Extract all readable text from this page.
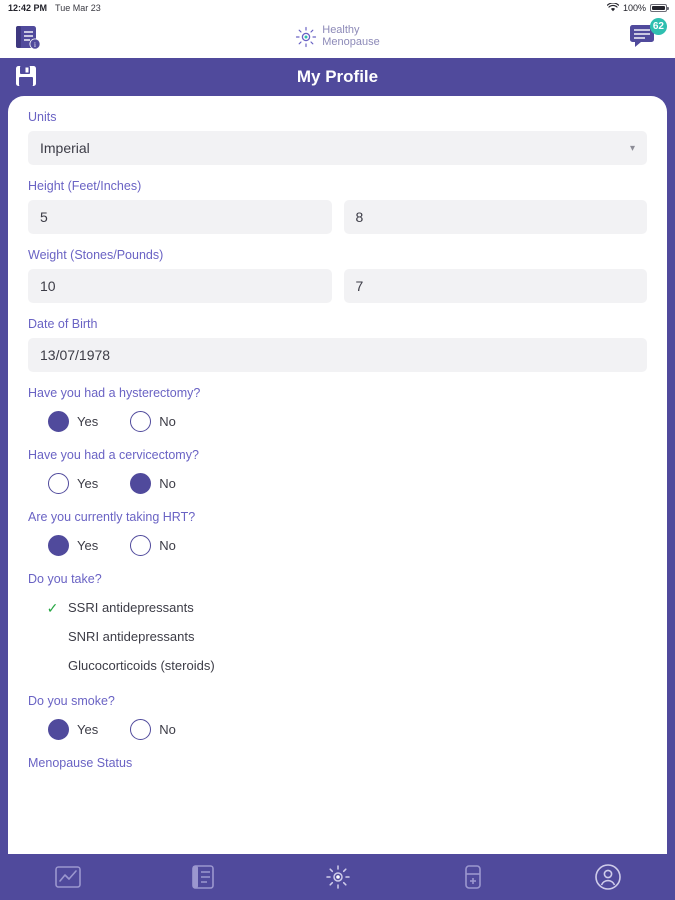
12:42 PM Tue Mar 23	100%
i
Healthy
Menopause
62
My Profile
Units
Imperial	▾
Height (Feet/Inches)
5	8
Weight (Stones/Pounds)
10	7
Date of Birth
13/07/1978
Have you had a hysterectomy?
Yes	No
Have you had a cervicectomy?
Yes	No
Are you currently taking HRT?
Yes	No
Do you take?
✓ SSRI antidepressants
SNRI antidepressants
Glucocorticoids (steroids)
Do you smoke?
Yes	No
Menopause Status
